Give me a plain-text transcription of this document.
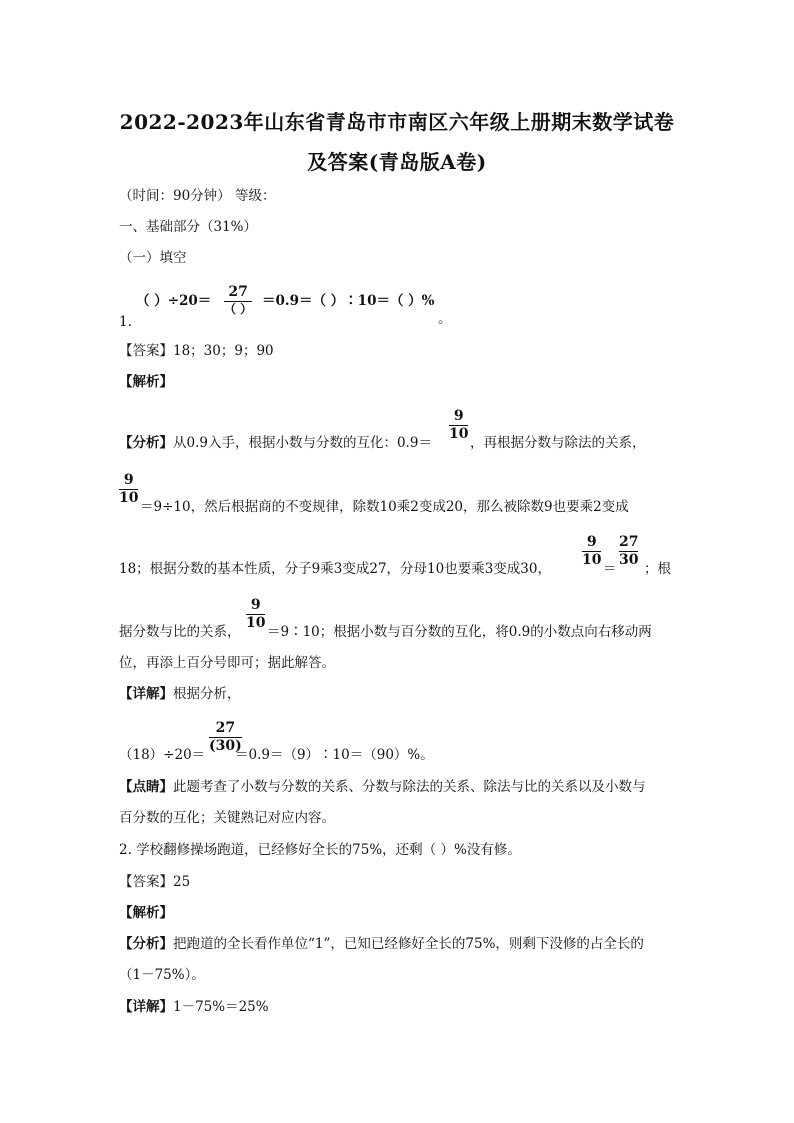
2022-2023年山东省青岛市市南区六年级上册期末数学试卷
及答案(青岛版A卷)
（时间：90分钟） 等级：
一、基础部分（31%）
（一）填空
1.
（ ）÷20＝
27
（ ） ＝0.9＝（ ）∶10＝（ ）%
。
【答案】18；30；9；90
【解析】
【分析】从0.9入手，根据小数与分数的互化：0.9＝
9
10
，再根据分数与除法的关系，
9
10
＝9÷10，然后根据商的不变规律，除数10乘2变成20，那么被除数9也要乘2变成
18；根据分数的基本性质，分子9乘3变成27，分母10也要乘3变成30，
9
10
＝
27
30
；根
据分数与比的关系，
9
10
＝9∶10；根据小数与百分数的互化，将0.9的小数点向右移动两
位，再添上百分号即可；据此解答。
【详解】根据分析，
（18）÷20＝
27
(30)
＝0.9＝（9）∶10＝（90）%。
【点睛】此题考查了小数与分数的关系、分数与除法的关系、除法与比的关系以及小数与
百分数的互化；关键熟记对应内容。
2. 学校翻修操场跑道，已经修好全长的75%，还剩（ ）%没有修。
【答案】25
【解析】
【分析】把跑道的全长看作单位“1”，已知已经修好全长的75%，则剩下没修的占全长的
（1－75%）。
【详解】1－75%＝25%
